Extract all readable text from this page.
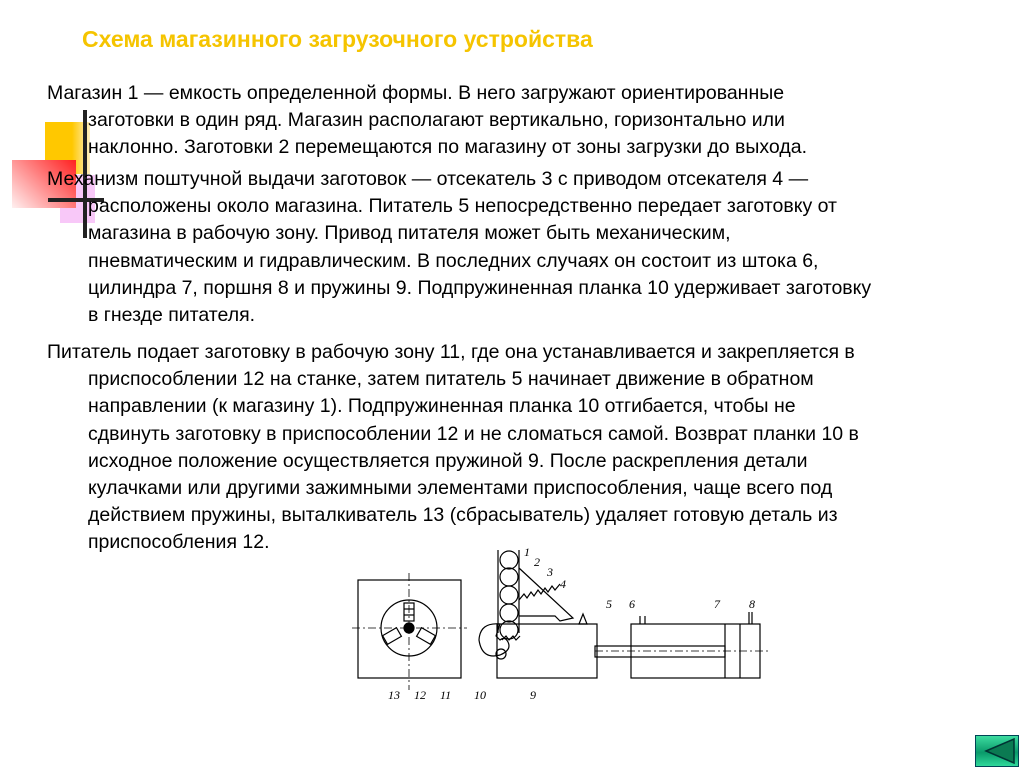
Схема магазинного загрузочного устройства
Магазин 1 — емкость определенной формы. В него загружают ориентированные
заготовки в один ряд. Магазин располагают вертикально, горизонтально или
наклонно. Заготовки 2 перемещаются по магазину от зоны загрузки до выхода.
Механизм поштучной выдачи заготовок — отсекатель 3 с приводом отсекателя 4 —
расположены около магазина. Питатель 5 непосредственно передает заготовку от
магазина в рабочую зону. Привод питателя может быть механическим,
пневматическим и гидравлическим. В последних случаях он состоит из штока 6,
цилиндра 7, поршня 8 и пружины 9. Подпружиненная планка 10 удерживает заготовку
в гнезде питателя.
Питатель подает заготовку в рабочую зону 11, где она устанавливается и закрепляется в
приспособлении 12 на станке, затем питатель 5 начинает движение в обратном
направлении (к магазину 1). Подпружиненная планка 10 отгибается, чтобы не
сдвинуть заготовку в приспособлении 12 и не сломаться самой. Возврат планки 10 в
исходное положение осуществляется пружиной 9. После раскрепления детали
кулачками или другими зажимными элементами приспособления, чаще всего под
действием пружины, выталкиватель 13 (сбрасыватель) удаляет готовую деталь из
приспособления 12.	1
2
3
4
5 6	7 8
9
10
11
12
13
